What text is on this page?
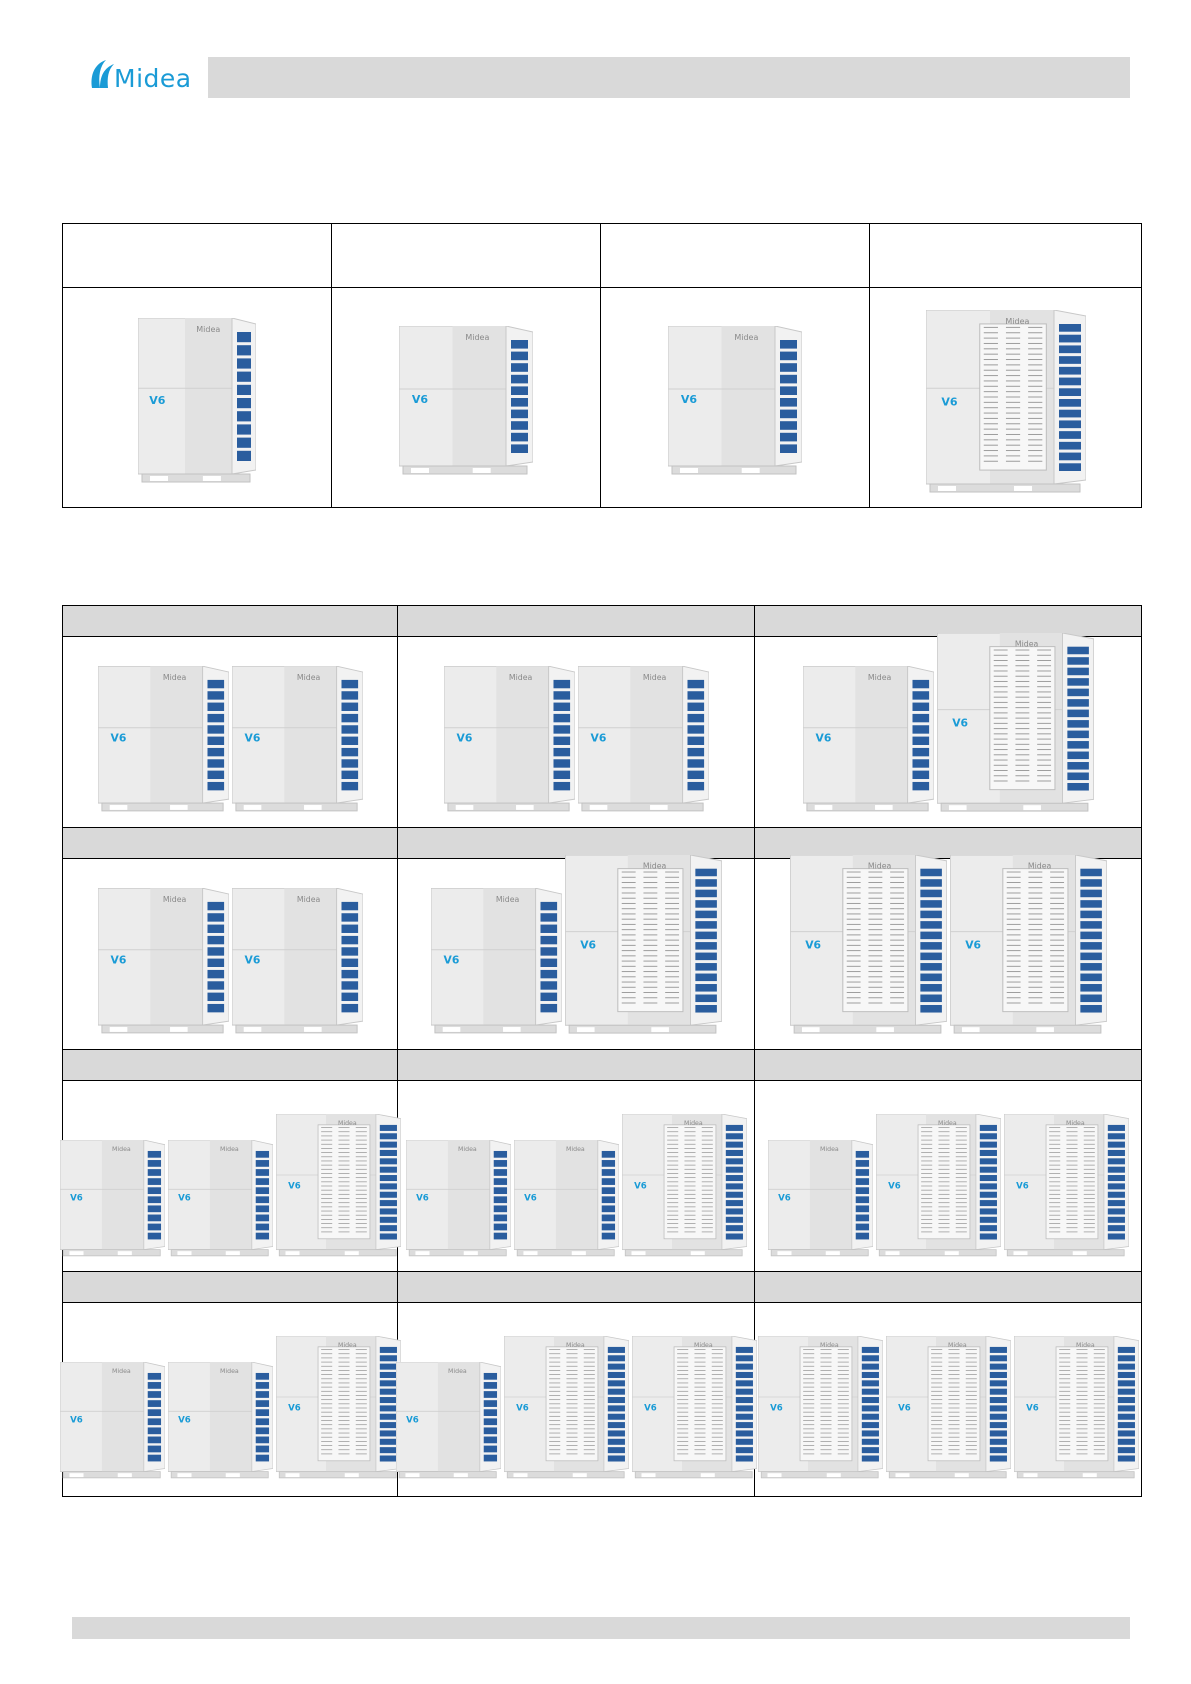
Midea
Midea
V6
Midea
V6
Midea
V6
Midea
V6
Midea
V6
Midea
V6
Midea
V6
Midea
V6
Midea
V6
Midea
V6
Midea
V6
Midea
V6
Midea
V6
Midea
V6
Midea
V6
Midea
V6
Midea
V6
Midea
V6
Midea
V6
Midea
V6
Midea
V6
Midea
V6
Midea
V6
Midea
V6
Midea
V6
Midea
V6
Midea
V6
Midea
V6
Midea
V6
Midea
V6
Midea
V6
Midea
V6
Midea
V6
Midea
V6
